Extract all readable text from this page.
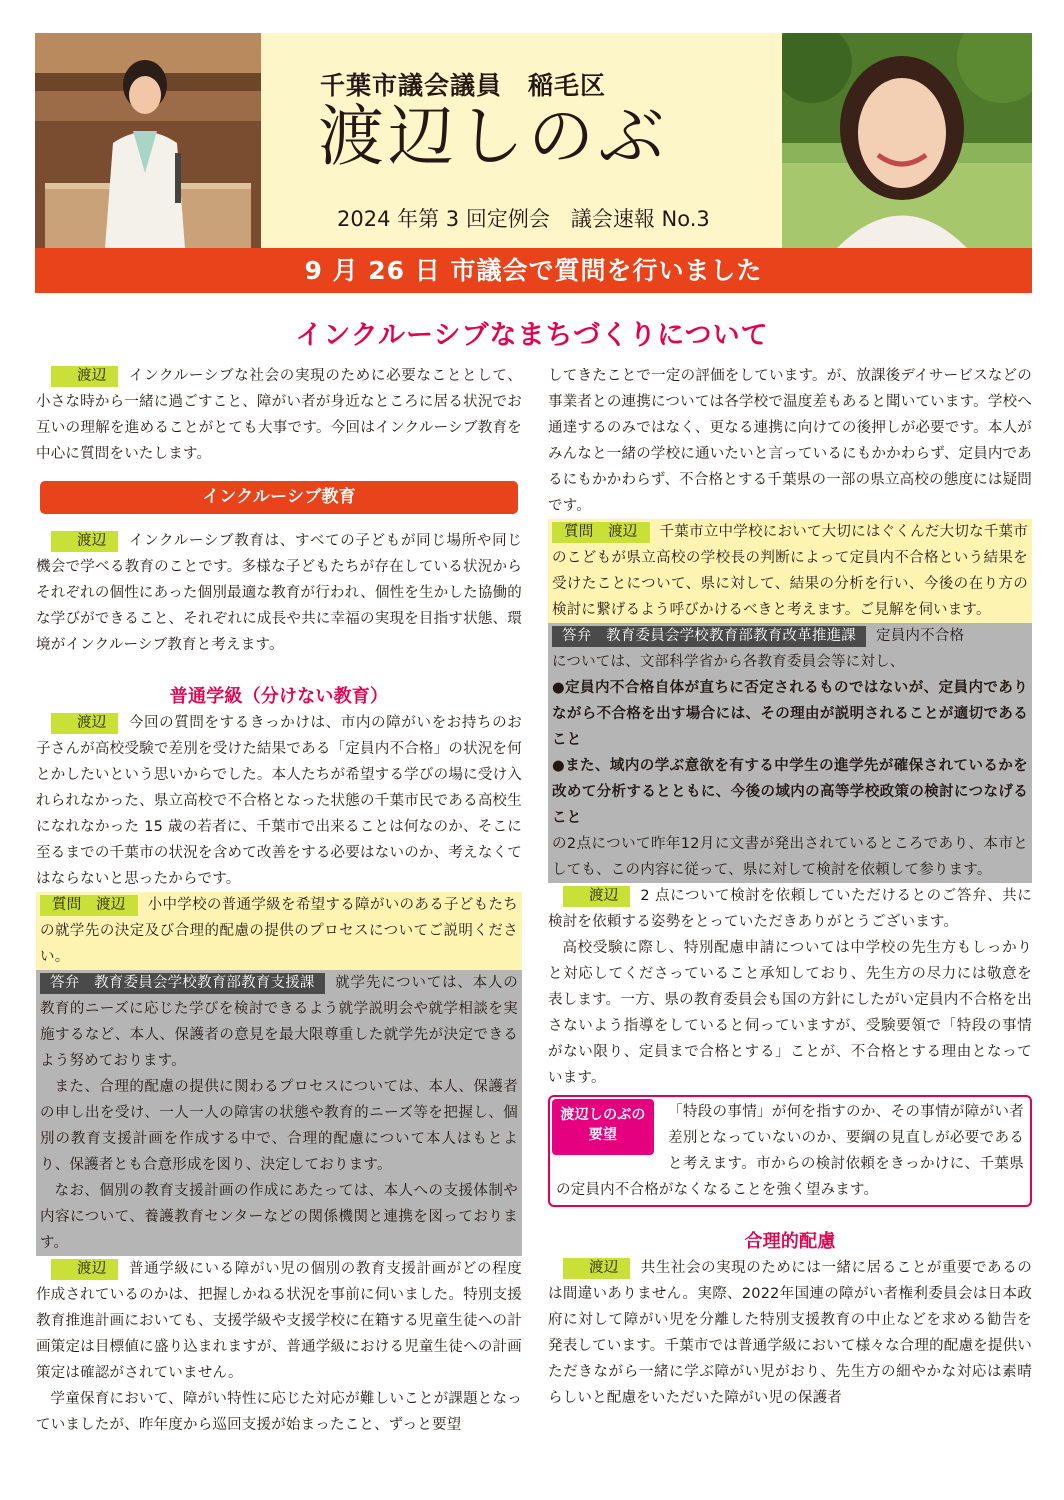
千葉市議会議員　稲毛区
渡辺しのぶ
2024 年第 3 回定例会　議会速報 No.3
9 月 26 日 市議会で質問を行いました
インクルーシブなまちづくりについて

渡辺 インクルーシブな社会の実現のために必要なこととして、小さな時から一緒に過ごすこと、障がい者が身近なところに居る状況でお互いの理解を進めることがとても大事です。今回はインクルーシブ教育を中心に質問をいたします。

インクルーシブ教育

渡辺 インクルーシブ教育は、すべての子どもが同じ場所や同じ機会で学べる教育のことです。多様な子どもたちが存在している状況からそれぞれの個性にあった個別最適な教育が行われ、個性を生かした協働的な学びができること、それぞれに成長や共に幸福の実現を目指す状態、環境がインクルーシブ教育と考えます。

普通学級（分けない教育）

渡辺 今回の質問をするきっかけは、市内の障がいをお持ちのお子さんが高校受験で差別を受けた結果である「定員内不合格」の状況を何とかしたいという思いからでした。本人たちが希望する学びの場に受け入れられなかった、県立高校で不合格となった状態の千葉市民である高校生になれなかった 15 歳の若者に、千葉市で出来ることは何なのか、そこに至るまでの千葉市の状況を含めて改善をする必要はないのか、考えなくてはならないと思ったからです。

質問　渡辺 小中学校の普通学級を希望する障がいのある子どもたちの就学先の決定及び合理的配慮の提供のプロセスについてご説明ください。

答弁　教育委員会学校教育部教育支援課 就学先については、本人の教育的ニーズに応じた学びを検討できるよう就学説明会や就学相談を実施するなど、本人、保護者の意見を最大限尊重した就学先が決定できるよう努めております。

また、合理的配慮の提供に関わるプロセスについては、本人、保護者の申し出を受け、一人一人の障害の状態や教育的ニーズ等を把握し、個別の教育支援計画を作成する中で、合理的配慮について本人はもとより、保護者とも合意形成を図り、決定しております。

なお、個別の教育支援計画の作成にあたっては、本人への支援体制や内容について、養護教育センターなどの関係機関と連携を図っております。

渡辺 普通学級にいる障がい児の個別の教育支援計画がどの程度作成されているのかは、把握しかねる状況を事前に伺いました。特別支援教育推進計画においても、支援学級や支援学校に在籍する児童生徒への計画策定は目標値に盛り込まれますが、普通学級における児童生徒への計画策定は確認がされていません。

学童保育において、障がい特性に応じた対応が難しいことが課題となっていましたが、昨年度から巡回支援が始まったこと、ずっと要望

してきたことで一定の評価をしています。が、放課後デイサービスなどの事業者との連携については各学校で温度差もあると聞いています。学校へ通達するのみではなく、更なる連携に向けての後押しが必要です。本人がみんなと一緒の学校に通いたいと言っているにもかかわらず、定員内であるにもかかわらず、不合格とする千葉県の一部の県立高校の態度には疑問です。

質問　渡辺 千葉市立中学校において大切にはぐくんだ大切な千葉市のこどもが県立高校の学校長の判断によって定員内不合格という結果を受けたことについて、県に対して、結果の分析を行い、今後の在り方の検討に繋げるよう呼びかけるべきと考えます。ご見解を伺います。

答弁　教育委員会学校教育部教育改革推進課 定員内不合格

については、文部科学省から各教育委員会等に対し、

●定員内不合格自体が直ちに否定されるものではないが、定員内でありながら不合格を出す場合には、その理由が説明されることが適切であること

●また、域内の学ぶ意欲を有する中学生の進学先が確保されているかを改めて分析するとともに、今後の域内の高等学校政策の検討につなげること

の2点について昨年12月に文書が発出されているところであり、本市としても、この内容に従って、県に対して検討を依頼して参ります。

渡辺 2 点について検討を依頼していただけるとのご答弁、共に検討を依頼する姿勢をとっていただきありがとうございます。

高校受験に際し、特別配慮申請については中学校の先生方もしっかりと対応してくださっていること承知しており、先生方の尽力には敬意を表します。一方、県の教育委員会も国の方針にしたがい定員内不合格を出さないよう指導をしていると伺っていますが、受験要領で「特段の事情がない限り、定員まで合格とする」ことが、不合格とする理由となっています。

渡辺しのぶの
要望

「特段の事情」が何を指すのか、その事情が障がい者差別となっていないのか、要綱の見直しが必要であると考えます。市からの検討依頼をきっかけに、千葉県の定員内不合格がなくなることを強く望みます。

合理的配慮

渡辺 共生社会の実現のためには一緒に居ることが重要であるのは間違いありません。実際、2022年国連の障がい者権利委員会は日本政府に対して障がい児を分離した特別支援教育の中止などを求める勧告を発表しています。千葉市では普通学級において様々な合理的配慮を提供いただきながら一緒に学ぶ障がい児がおり、先生方の細やかな対応は素晴らしいと配慮をいただいた障がい児の保護者
